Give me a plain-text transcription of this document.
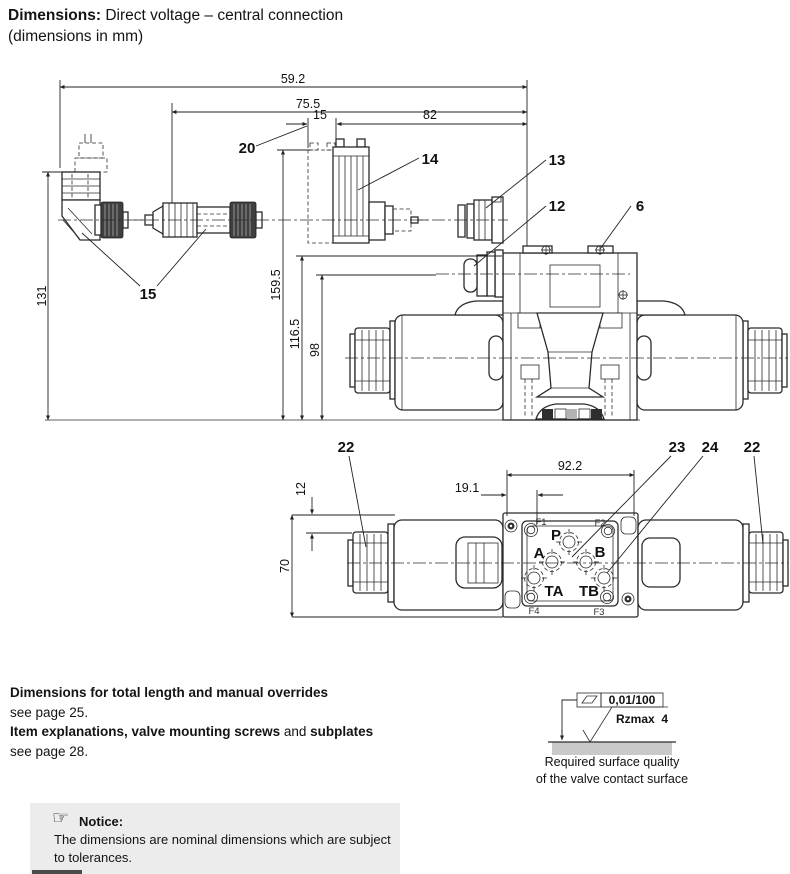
Dimensions: Direct voltage – central connection
(dimensions in mm)
59.2
75.5
15	82
131	159.5
116.5
98
20
14	13
12	6
15
P
A	B
TA TB
F1	F2
F3
F4
70
12
92.2
19.1
22	23 24 22
0,01/100
Rzmax  4
Required surface quality
of the valve contact surface
Dimensions for total length and manual overrides
see page 25.
Item explanations, valve mounting screws and subplates
see page 28.
☞ Notice:
The dimensions are nominal dimensions which are subject to tolerances.
